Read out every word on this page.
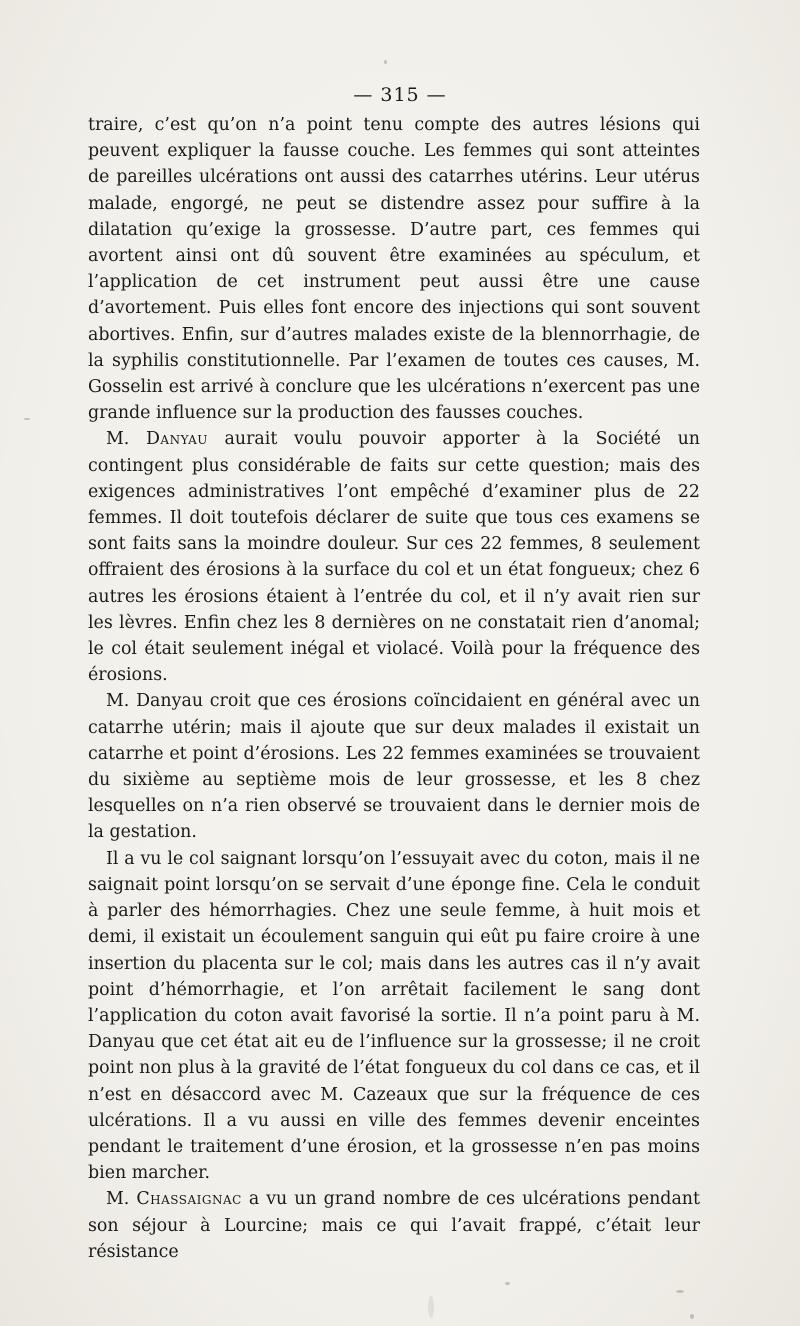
— 315 —

traire, c’est qu’on n’a point tenu compte des autres lésions qui peuvent expliquer la fausse couche. Les femmes qui sont atteintes de pareilles ulcérations ont aussi des catarrhes utérins. Leur utérus malade, engorgé, ne peut se distendre assez pour suffire à la dilatation qu’exige la grossesse. D’autre part, ces femmes qui avortent ainsi ont dû souvent être examinées au spéculum, et l’application de cet instrument peut aussi être une cause d’avortement. Puis elles font encore des injections qui sont souvent abortives. Enfin, sur d’autres malades existe de la blennorrhagie, de la syphilis constitutionnelle. Par l’examen de toutes ces causes, M. Gosselin est arrivé à conclure que les ulcérations n’exercent pas une grande influence sur la production des fausses couches.

M. Danyau aurait voulu pouvoir apporter à la Société un contingent plus considérable de faits sur cette question; mais des exigences administratives l’ont empêché d’examiner plus de 22 femmes. Il doit toutefois déclarer de suite que tous ces examens se sont faits sans la moindre douleur. Sur ces 22 femmes, 8 seulement offraient des érosions à la surface du col et un état fongueux; chez 6 autres les érosions étaient à l’entrée du col, et il n’y avait rien sur les lèvres. Enfin chez les 8 dernières on ne constatait rien d’anomal; le col était seulement inégal et violacé. Voilà pour la fréquence des érosions.

M. Danyau croit que ces érosions coïncidaient en général avec un catarrhe utérin; mais il ajoute que sur deux malades il existait un catarrhe et point d’érosions. Les 22 femmes examinées se trouvaient du sixième au septième mois de leur grossesse, et les 8 chez lesquelles on n’a rien observé se trouvaient dans le dernier mois de la gestation.

Il a vu le col saignant lorsqu’on l’essuyait avec du coton, mais il ne saignait point lorsqu’on se servait d’une éponge fine. Cela le conduit à parler des hémorrhagies. Chez une seule femme, à huit mois et demi, il existait un écoulement sanguin qui eût pu faire croire à une insertion du placenta sur le col; mais dans les autres cas il n’y avait point d’hémorrhagie, et l’on arrêtait facilement le sang dont l’application du coton avait favorisé la sortie. Il n’a point paru à M. Danyau que cet état ait eu de l’influence sur la grossesse; il ne croit point non plus à la gravité de l’état fongueux du col dans ce cas, et il n’est en désaccord avec M. Cazeaux que sur la fréquence de ces ulcérations. Il a vu aussi en ville des femmes devenir enceintes pendant le traitement d’une érosion, et la grossesse n’en pas moins bien marcher.

M. Chassaignac a vu un grand nombre de ces ulcérations pendant son séjour à Lourcine; mais ce qui l’avait frappé, c’était leur résistance
